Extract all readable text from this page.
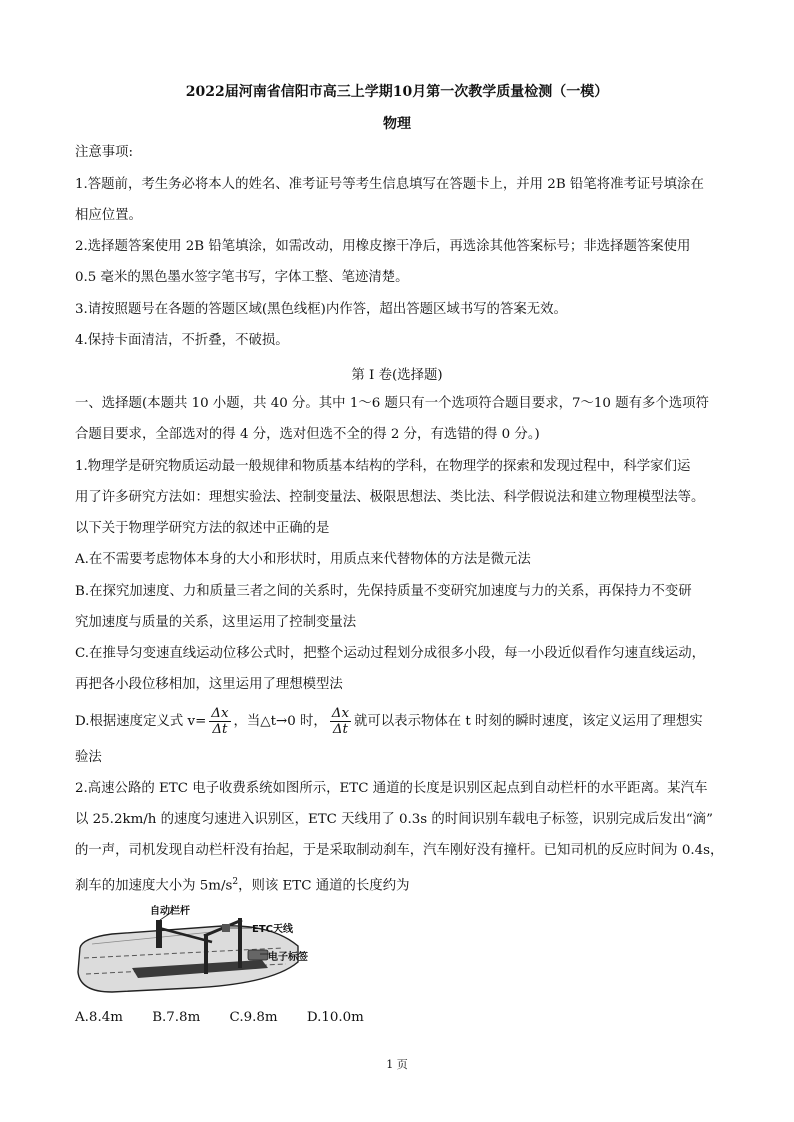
2022届河南省信阳市高三上学期10月第一次教学质量检测（一模）
物理
注意事项:
1.答题前，考生务必将本人的姓名、准考证号等考生信息填写在答题卡上，并用 2B 铅笔将准考证号填涂在
相应位置。
2.选择题答案使用 2B 铅笔填涂，如需改动，用橡皮擦干净后，再选涂其他答案标号；非选择题答案使用
0.5 毫米的黑色墨水签字笔书写，字体工整、笔迹清楚。
3.请按照题号在各题的答题区域(黑色线框)内作答，超出答题区域书写的答案无效。
4.保持卡面清洁，不折叠，不破损。
第 I 卷(选择题)
一、选择题(本题共 10 小题，共 40 分。其中 1～6 题只有一个选项符合题目要求，7～10 题有多个选项符
合题目要求，全部选对的得 4 分，选对但选不全的得 2 分，有选错的得 0 分。)
1.物理学是研究物质运动最一般规律和物质基本结构的学科，在物理学的探索和发现过程中，科学家们运
用了许多研究方法如：理想实验法、控制变量法、极限思想法、类比法、科学假说法和建立物理模型法等。
以下关于物理学研究方法的叙述中正确的是
A.在不需要考虑物体本身的大小和形状时，用质点来代替物体的方法是微元法
B.在探究加速度、力和质量三者之间的关系时，先保持质量不变研究加速度与力的关系，再保持力不变研
究加速度与质量的关系，这里运用了控制变量法
C.在推导匀变速直线运动位移公式时，把整个运动过程划分成很多小段，每一小段近似看作匀速直线运动，
再把各小段位移相加，这里运用了理想模型法
D.根据速度定义式 $v= \frac{\Delta x}{\Delta t}$ ，当△t→0 时， $\frac{\Delta x}{\Delta t}$ 就可以表示物体在 t 时刻的瞬时速度，该定义运用了理想实
验法
2.高速公路的 ETC 电子收费系统如图所示，ETC 通道的长度是识别区起点到自动栏杆的水平距离。某汽车
以 25.2km/h 的速度匀速进入识别区，ETC 天线用了 0.3s 的时间识别车载电子标签，识别完成后发出“滴”
的一声，司机发现自动栏杆没有抬起，于是采取制动刹车，汽车刚好没有撞杆。已知司机的反应时间为 0.4s，
刹车的加速度大小为 $5m/s^2$，则该 ETC 通道的长度约为
自动栏杆
ETC天线
电子标签
A.8.4m B.7.8m C.9.8m D.10.0m
1 页
